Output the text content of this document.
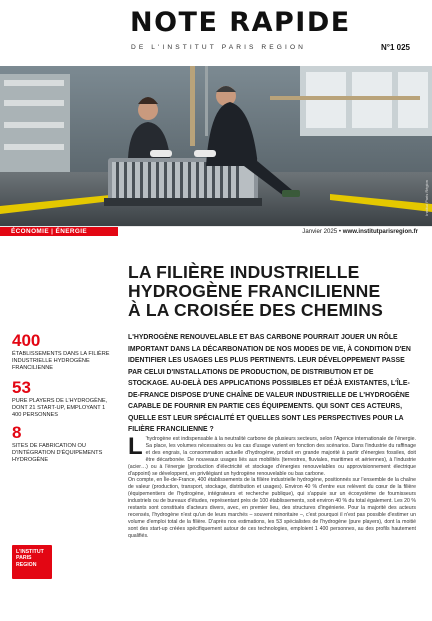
NOTE RAPIDE
DE L'INSTITUT PARIS REGION	N°1 025
Institut Paris Région
ÉCONOMIE | ÉNERGIE	Janvier 2025 • www.institutparisregion.fr
LA FILIÈRE INDUSTRIELLE
HYDROGÈNE FRANCILIENNE
À LA CROISÉE DES CHEMINS
L'HYDROGÈNE RENOUVELABLE ET BAS CARBONE POURRAIT JOUER UN RÔLE IMPORTANT DANS LA DÉCARBONATION DE NOS MODES DE VIE, À CONDITION D'EN IDENTIFIER LES USAGES LES PLUS PERTINENTS. LEUR DÉVELOPPEMENT PASSE PAR CELUI D'INSTALLATIONS DE PRODUCTION, DE DISTRIBUTION ET DE STOCKAGE. AU-DELÀ DES APPLICATIONS POSSIBLES ET DÉJÀ EXISTANTES, L'ÎLE-DE-FRANCE DISPOSE D'UNE CHAÎNE DE VALEUR INDUSTRIELLE DE L'HYDROGÈNE CAPABLE DE FOURNIR EN PARTIE CES ÉQUIPEMENTS. QUI SONT CES ACTEURS, QUELLE EST LEUR SPÉCIALITÉ ET QUELLES SONT LES PERSPECTIVES POUR LA FILIÈRE FRANCILIENNE ?
400
ÉTABLISSEMENTS DANS LA FILIÈRE INDUSTRIELLE HYDROGÈNE FRANCILIENNE
53
PURE PLAYERS DE L'HYDROGÈNE, DONT 21 START-UP, EMPLOYANT 1 400 PERSONNES
8
SITES DE FABRICATION OU D'INTÉGRATION D'ÉQUIPEMENTS HYDROGÈNE
L'INSTITUT
PARIS
REGION
L 'hydrogène est indispensable à la neutralité carbone de plusieurs secteurs, selon l'Agence internationale de l'énergie. Sa place, les volumes nécessaires ou les cas d'usage varient en fonction des scénarios. Dans l'industrie du raffinage et des engrais, la consommation actuelle d'hydrogène, produit en grande majorité à partir d'énergies fossiles, doit être décarbonée. De nouveaux usages liés aux mobilités (terrestres, fluviales, maritimes et aériennes), à l'industrie (acier…) ou à l'énergie (production d'électricité et stockage d'énergies renouvelables ou approvisionnement électrique d'appoint) se développent, en privilégiant un hydrogène renouvelable ou bas carbone.

On compte, en Île-de-France, 400 établissements de la filière industrielle hydrogène, positionnés sur l'ensemble de la chaîne de valeur (production, transport, stockage, distribution et usages). Environ 40 % d'entre eux relèvent du cœur de la filière (équipementiers de l'hydrogène, intégrateurs et recherche publique), qui s'appuie sur un écosystème de fournisseurs industriels ou de bureaux d'études, représentant près de 100 établissements, soit environ 40 % du total également. Les 20 % restants sont constitués d'acteurs divers, avec, en premier lieu, des structures d'ingénierie. Pour la majorité des acteurs recensés, l'hydrogène n'est qu'un de leurs marchés – souvent minoritaire –, c'est pourquoi il n'est pas possible d'estimer un volume d'emploi total de la filière. D'après nos estimations, les 53 spécialistes de l'hydrogène (pure players), dont la moitié sont des start-up créées spécifiquement autour de ces technologies, emploient 1 400 personnes, au des profils hautement qualifiés.
